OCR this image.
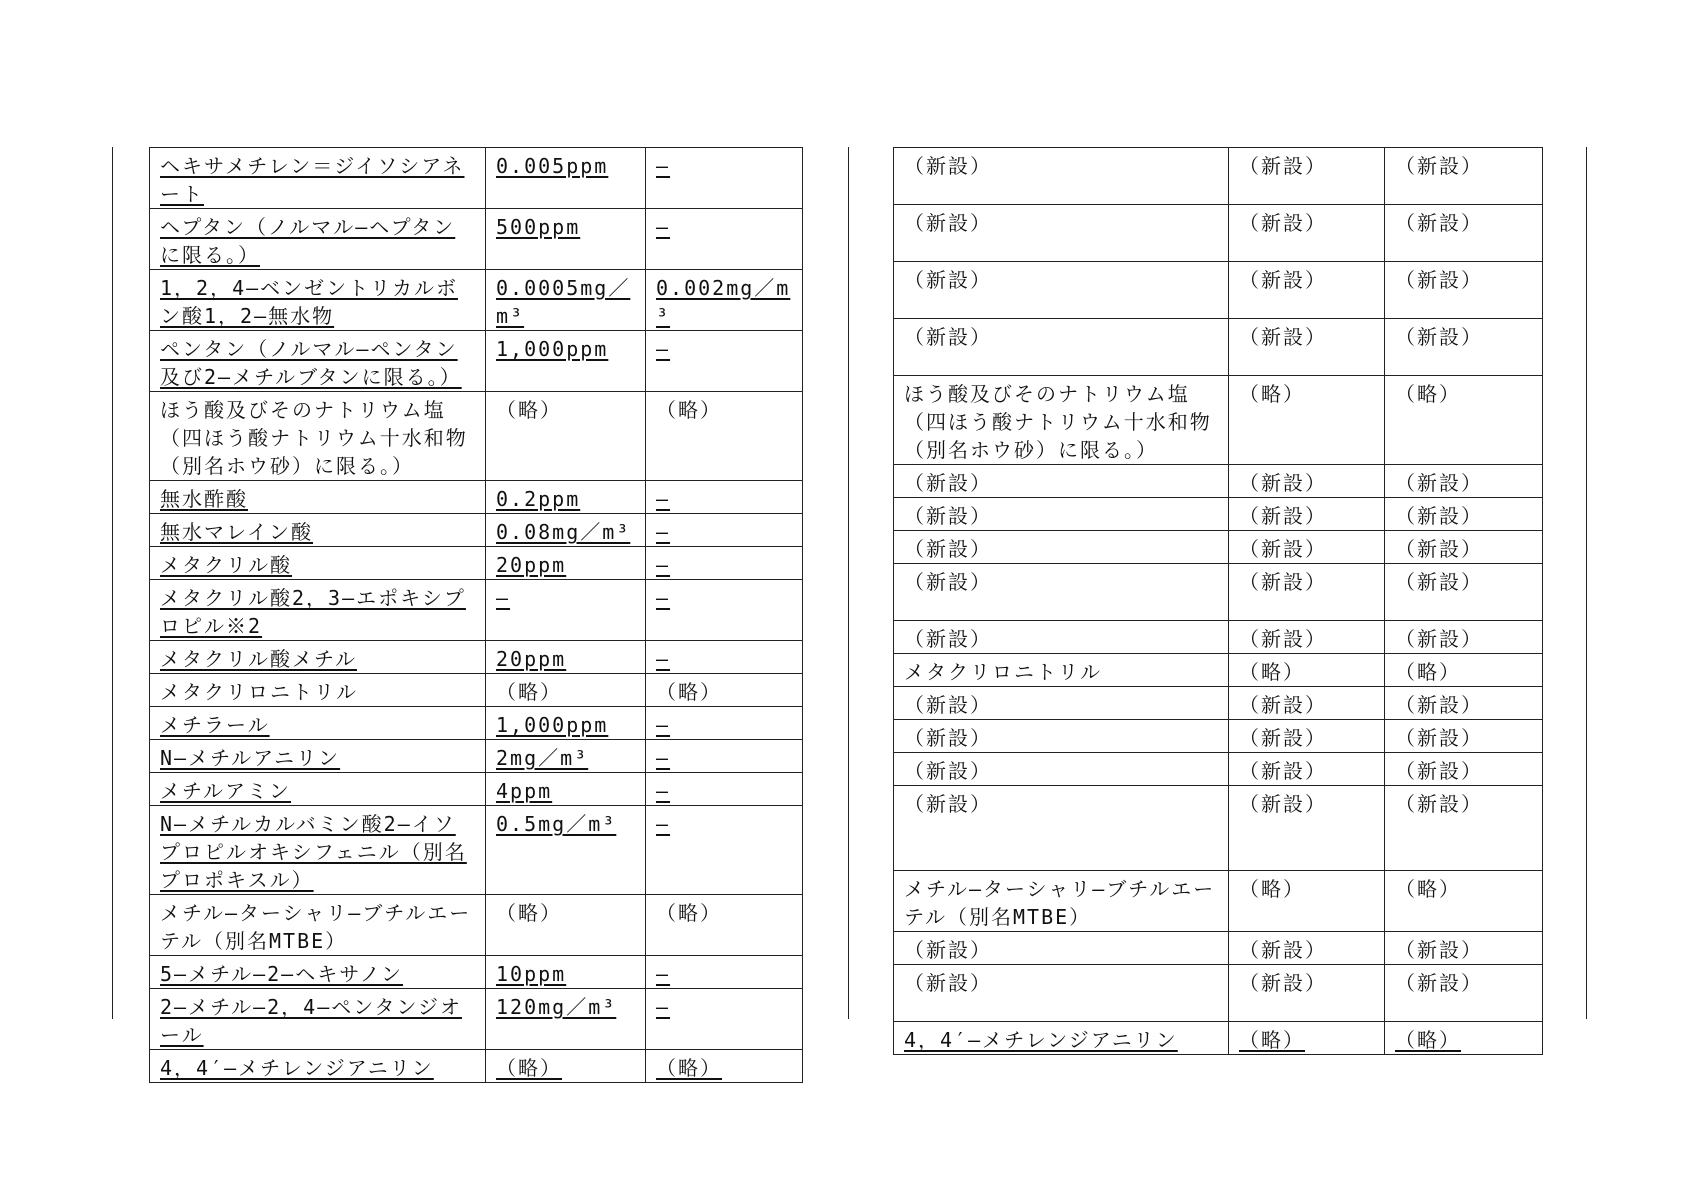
ヘキサメチレン＝ジイソシアネート	0.005ppm	—
ヘプタン（ノルマル—ヘプタンに限る。）	500ppm	—
1，2，4—ベンゼントリカルボン酸1，2—無水物	0.0005mg／m³	0.002mg／m³
ペンタン（ノルマル—ペンタン及び2—メチルブタンに限る。）	1,000ppm	—
ほう酸及びそのナトリウム塩（四ほう酸ナトリウム十水和物（別名ホウ砂）に限る。）	（略）	（略）
無水酢酸	0.2ppm	—
無水マレイン酸	0.08mg／m³	—
メタクリル酸	20ppm	—
メタクリル酸2，3—エポキシプロピル※2	—	—
メタクリル酸メチル	20ppm	—
メタクリロニトリル	（略）	（略）
メチラール	1,000ppm	—
N—メチルアニリン	2mg／m³	—
メチルアミン	4ppm	—
N—メチルカルバミン酸2—イソプロピルオキシフェニル（別名プロポキスル）	0.5mg／m³	—
メチル—ターシャリ—ブチルエーテル（別名MTBE）	（略）	（略）
5—メチル—2—ヘキサノン	10ppm	—
2—メチル—2，4—ペンタンジオール	120mg／m³	—
4，4′—メチレンジアニリン	（略）	（略）
（新設）	（新設）	（新設）
（新設）	（新設）	（新設）
（新設）	（新設）	（新設）
（新設）	（新設）	（新設）
ほう酸及びそのナトリウム塩（四ほう酸ナトリウム十水和物（別名ホウ砂）に限る。）	（略）	（略）
（新設）	（新設）	（新設）
（新設）	（新設）	（新設）
（新設）	（新設）	（新設）
（新設）	（新設）	（新設）
（新設）	（新設）	（新設）
メタクリロニトリル	（略）	（略）
（新設）	（新設）	（新設）
（新設）	（新設）	（新設）
（新設）	（新設）	（新設）
（新設）	（新設）	（新設）
メチル—ターシャリ—ブチルエーテル（別名MTBE）	（略）	（略）
（新設）	（新設）	（新設）
（新設）	（新設）	（新設）
4，4′—メチレンジアニリン	（略）	（略）
